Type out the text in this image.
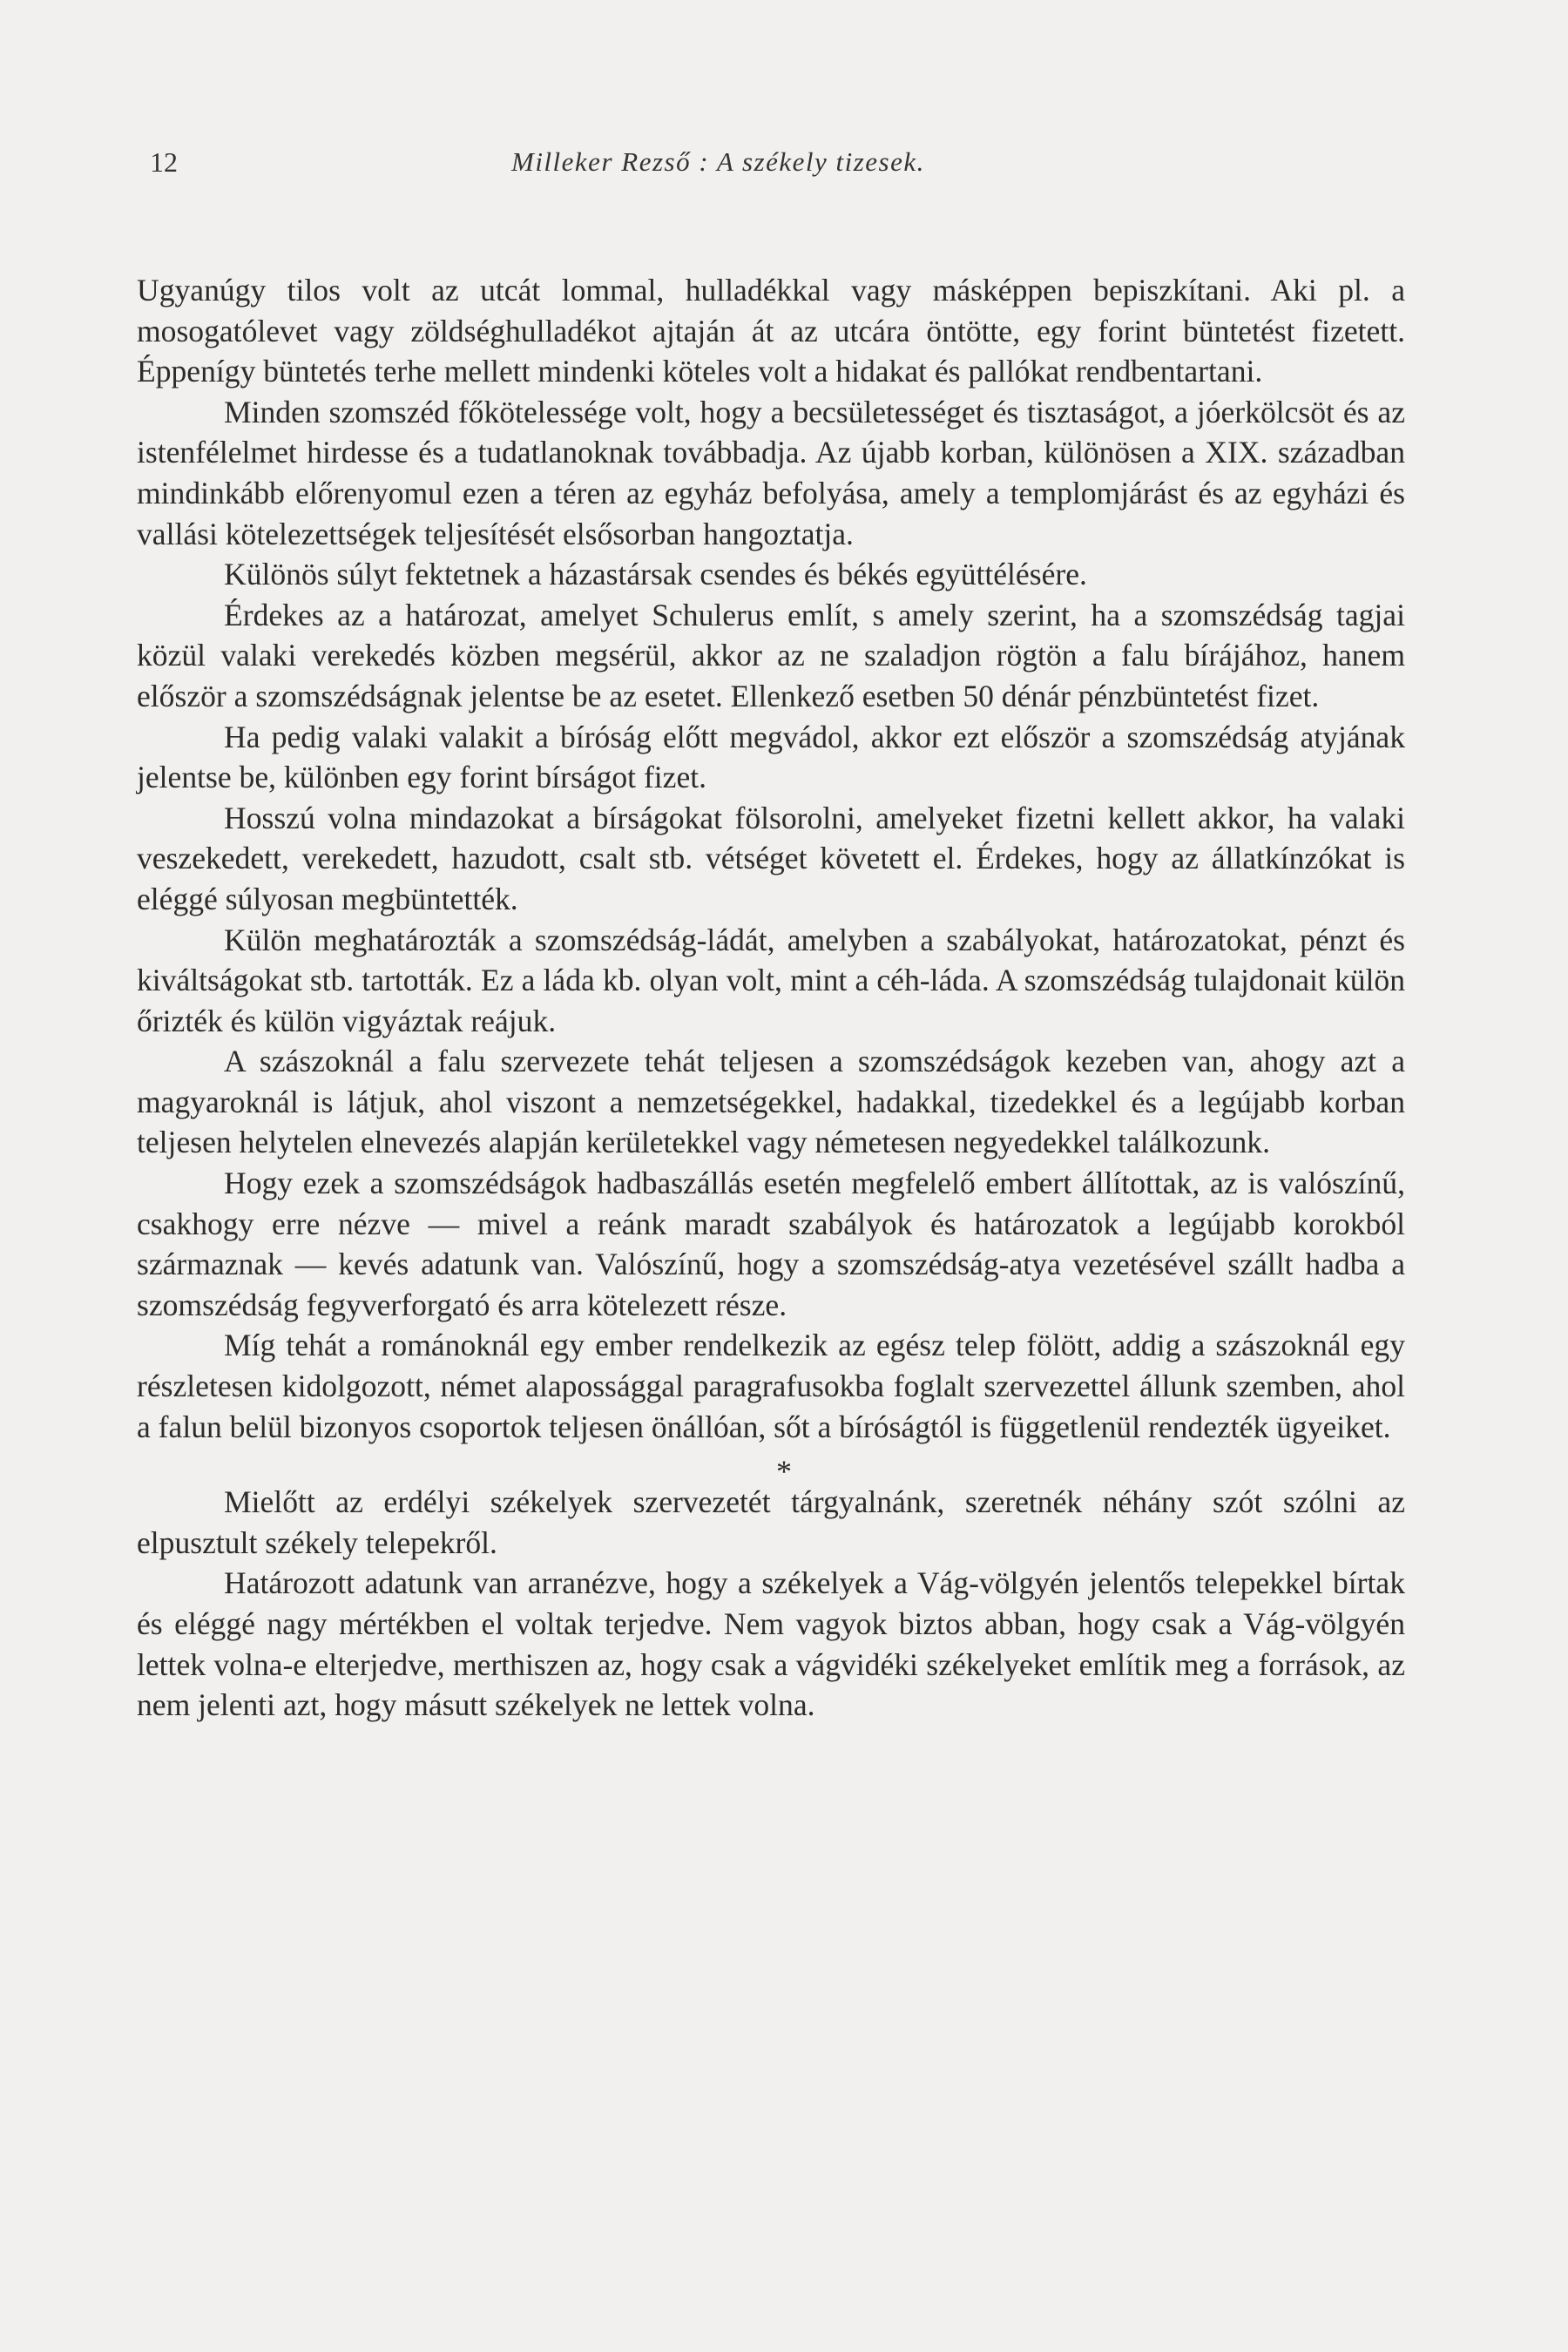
12	Milleker Rezső : A székely tizesek.

Ugyanúgy tilos volt az utcát lommal, hulladékkal vagy másképpen bepiszkítani. Aki pl. a mosogatólevet vagy zöldséghulladékot ajtaján át az utcára öntötte, egy forint büntetést fizetett. Éppenígy büntetés terhe mellett mindenki köteles volt a hidakat és pallókat rendbentartani.

Minden szomszéd főkötelessége volt, hogy a becsületességet és tisztaságot, a jóerkölcsöt és az istenfélelmet hirdesse és a tudatlanoknak továbbadja. Az újabb korban, különösen a XIX. században mindinkább előrenyomul ezen a téren az egyház befolyása, amely a templomjárást és az egyházi és vallási kötelezettségek teljesítését elsősorban hangoztatja.

Különös súlyt fektetnek a házastársak csendes és békés együttélésére.

Érdekes az a határozat, amelyet Schulerus említ, s amely szerint, ha a szomszédság tagjai közül valaki verekedés közben megsérül, akkor az ne szaladjon rögtön a falu bírájához, hanem először a szomszédságnak jelentse be az esetet. Ellenkező esetben 50 dénár pénzbüntetést fizet.

Ha pedig valaki valakit a bíróság előtt megvádol, akkor ezt először a szomszédság atyjának jelentse be, különben egy forint bírságot fizet.

Hosszú volna mindazokat a bírságokat fölsorolni, amelyeket fizetni kellett akkor, ha valaki veszekedett, verekedett, hazudott, csalt stb. vétséget követett el. Érdekes, hogy az állatkínzókat is eléggé súlyosan megbüntették.

Külön meghatározták a szomszédság-ládát, amelyben a szabályokat, határozatokat, pénzt és kiváltságokat stb. tartották. Ez a láda kb. olyan volt, mint a céh-láda. A szomszédság tulajdonait külön őrizték és külön vigyáztak reájuk.

A szászoknál a falu szervezete tehát teljesen a szomszédságok kezeben van, ahogy azt a magyaroknál is látjuk, ahol viszont a nemzetségekkel, hadakkal, tizedekkel és a legújabb korban teljesen helytelen elnevezés alapján kerületekkel vagy németesen negyedekkel találkozunk.

Hogy ezek a szomszédságok hadbaszállás esetén megfelelő embert állítottak, az is valószínű, csakhogy erre nézve — mivel a reánk maradt szabályok és határozatok a legújabb korokból származnak — kevés adatunk van. Valószínű, hogy a szomszédság-atya vezetésével szállt hadba a szomszédság fegyverforgató és arra kötelezett része.

Míg tehát a románoknál egy ember rendelkezik az egész telep fölött, addig a szászoknál egy részletesen kidolgozott, német alapossággal paragrafusokba foglalt szervezettel állunk szemben, ahol a falun belül bizonyos csoportok teljesen önállóan, sőt a bíróságtól is függetlenül rendezték ügyeiket.

*

Mielőtt az erdélyi székelyek szervezetét tárgyalnánk, szeretnék néhány szót szólni az elpusztult székely telepekről.

Határozott adatunk van arranézve, hogy a székelyek a Vág-völgyén jelentős telepekkel bírtak és eléggé nagy mértékben el voltak terjedve. Nem vagyok biztos abban, hogy csak a Vág-völgyén lettek volna-e elterjedve, merthiszen az, hogy csak a vágvidéki székelyeket említik meg a források, az nem jelenti azt, hogy másutt székelyek ne lettek volna.
